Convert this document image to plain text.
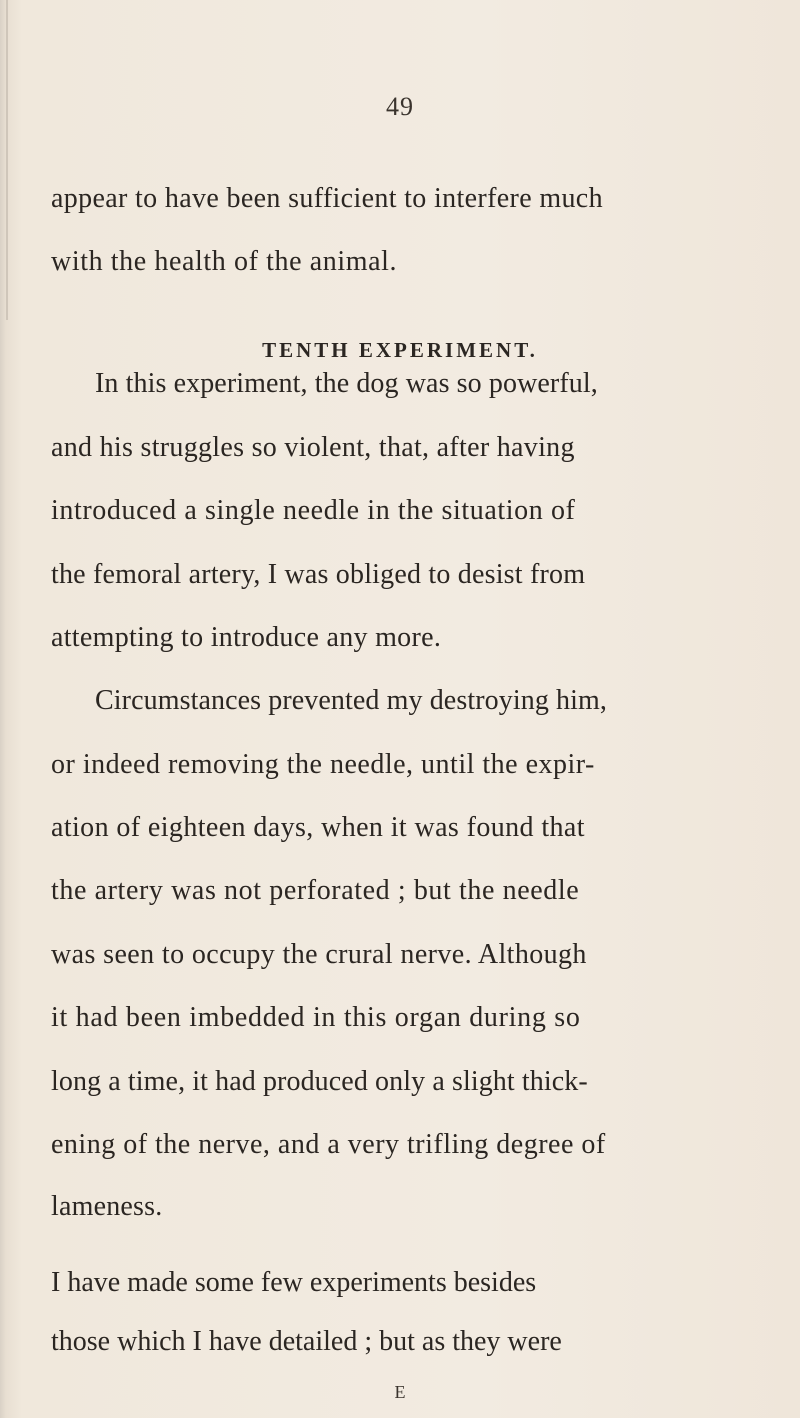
49
appear to have been sufficient to interfere much
with the health of the animal.
TENTH EXPERIMENT.
In this experiment, the dog was so powerful,
and his struggles so violent, that, after having
introduced a single needle in the situation of
the femoral artery, I was obliged to desist from
attempting to introduce any more.
Circumstances prevented my destroying him,
or indeed removing the needle, until the expir-
ation of eighteen days, when it was found that
the artery was not perforated ; but the needle
was seen to occupy the crural nerve. Although
it had been imbedded in this organ during so
long a time, it had produced only a slight thick-
ening of the nerve, and a very trifling degree of
lameness.
I have made some few experiments besides
those which I have detailed ; but as they were
E
